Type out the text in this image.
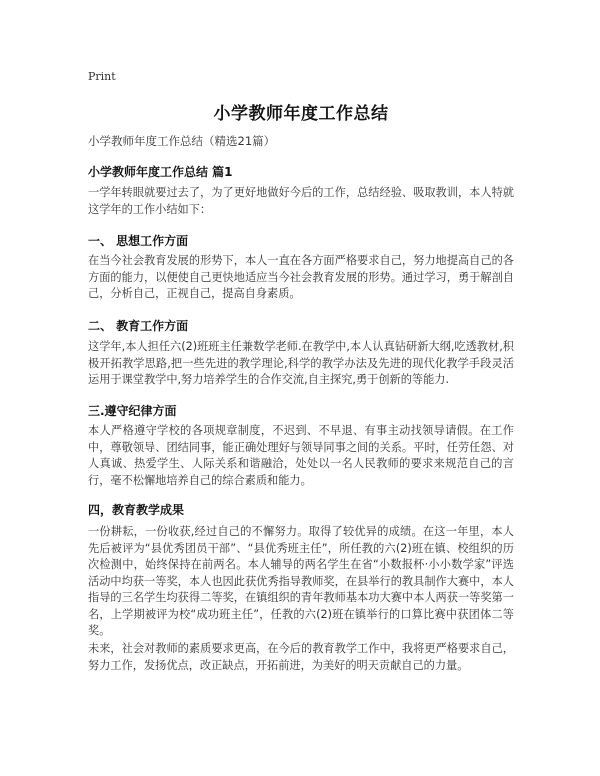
Print
小学教师年度工作总结
小学教师年度工作总结（精选21篇）
小学教师年度工作总结 篇1
一学年转眼就要过去了，为了更好地做好今后的工作，总结经验、吸取教训，本人特就这学年的工作小结如下：
一、 思想工作方面
在当今社会教育发展的形势下，本人一直在各方面严格要求自己，努力地提高自己的各方面的能力，以便使自己更快地适应当今社会教育发展的形势。通过学习，勇于解剖自己，分析自己，正视自己，提高自身素质。
二、 教育工作方面
这学年,本人担任六(2)班班主任兼数学老师.在教学中,本人认真钻研新大纲,吃透教材,积极开拓教学思路,把一些先进的教学理论,科学的教学办法及先进的现代化教学手段灵活运用于课堂教学中,努力培养学生的合作交流,自主探究,勇于创新的等能力.
三.遵守纪律方面
本人严格遵守学校的各项规章制度，不迟到、不早退、有事主动找领导请假。在工作中，尊敬领导、团结同事，能正确处理好与领导同事之间的关系。平时，任劳任怨、对人真诚、热爱学生、人际关系和谐融洽，处处以一名人民教师的要求来规范自己的言行，毫不松懈地培养自己的综合素质和能力。
四，教育教学成果
一份耕耘，一份收获,经过自己的不懈努力。取得了较优异的成绩。在这一年里，本人先后被评为“县优秀团员干部”、“县优秀班主任”，所任教的六(2)班在镇、校组织的历次检测中，始终保持在前两名。本人辅导的两名学生在省“小数报杯·小小数学家”评选活动中均获一等奖，本人也因此获优秀指导教师奖，在县举行的教具制作大赛中，本人指导的三名学生均获得二等奖，在镇组织的青年教师基本功大赛中本人两获一等奖第一名，上学期被评为校“成功班主任”，任教的六(2)班在镇举行的口算比赛中获团体二等奖。
未来，社会对教师的素质要求更高，在今后的教育教学工作中，我将更严格要求自己，努力工作，发扬优点，改正缺点，开拓前进，为美好的明天贡献自己的力量。
